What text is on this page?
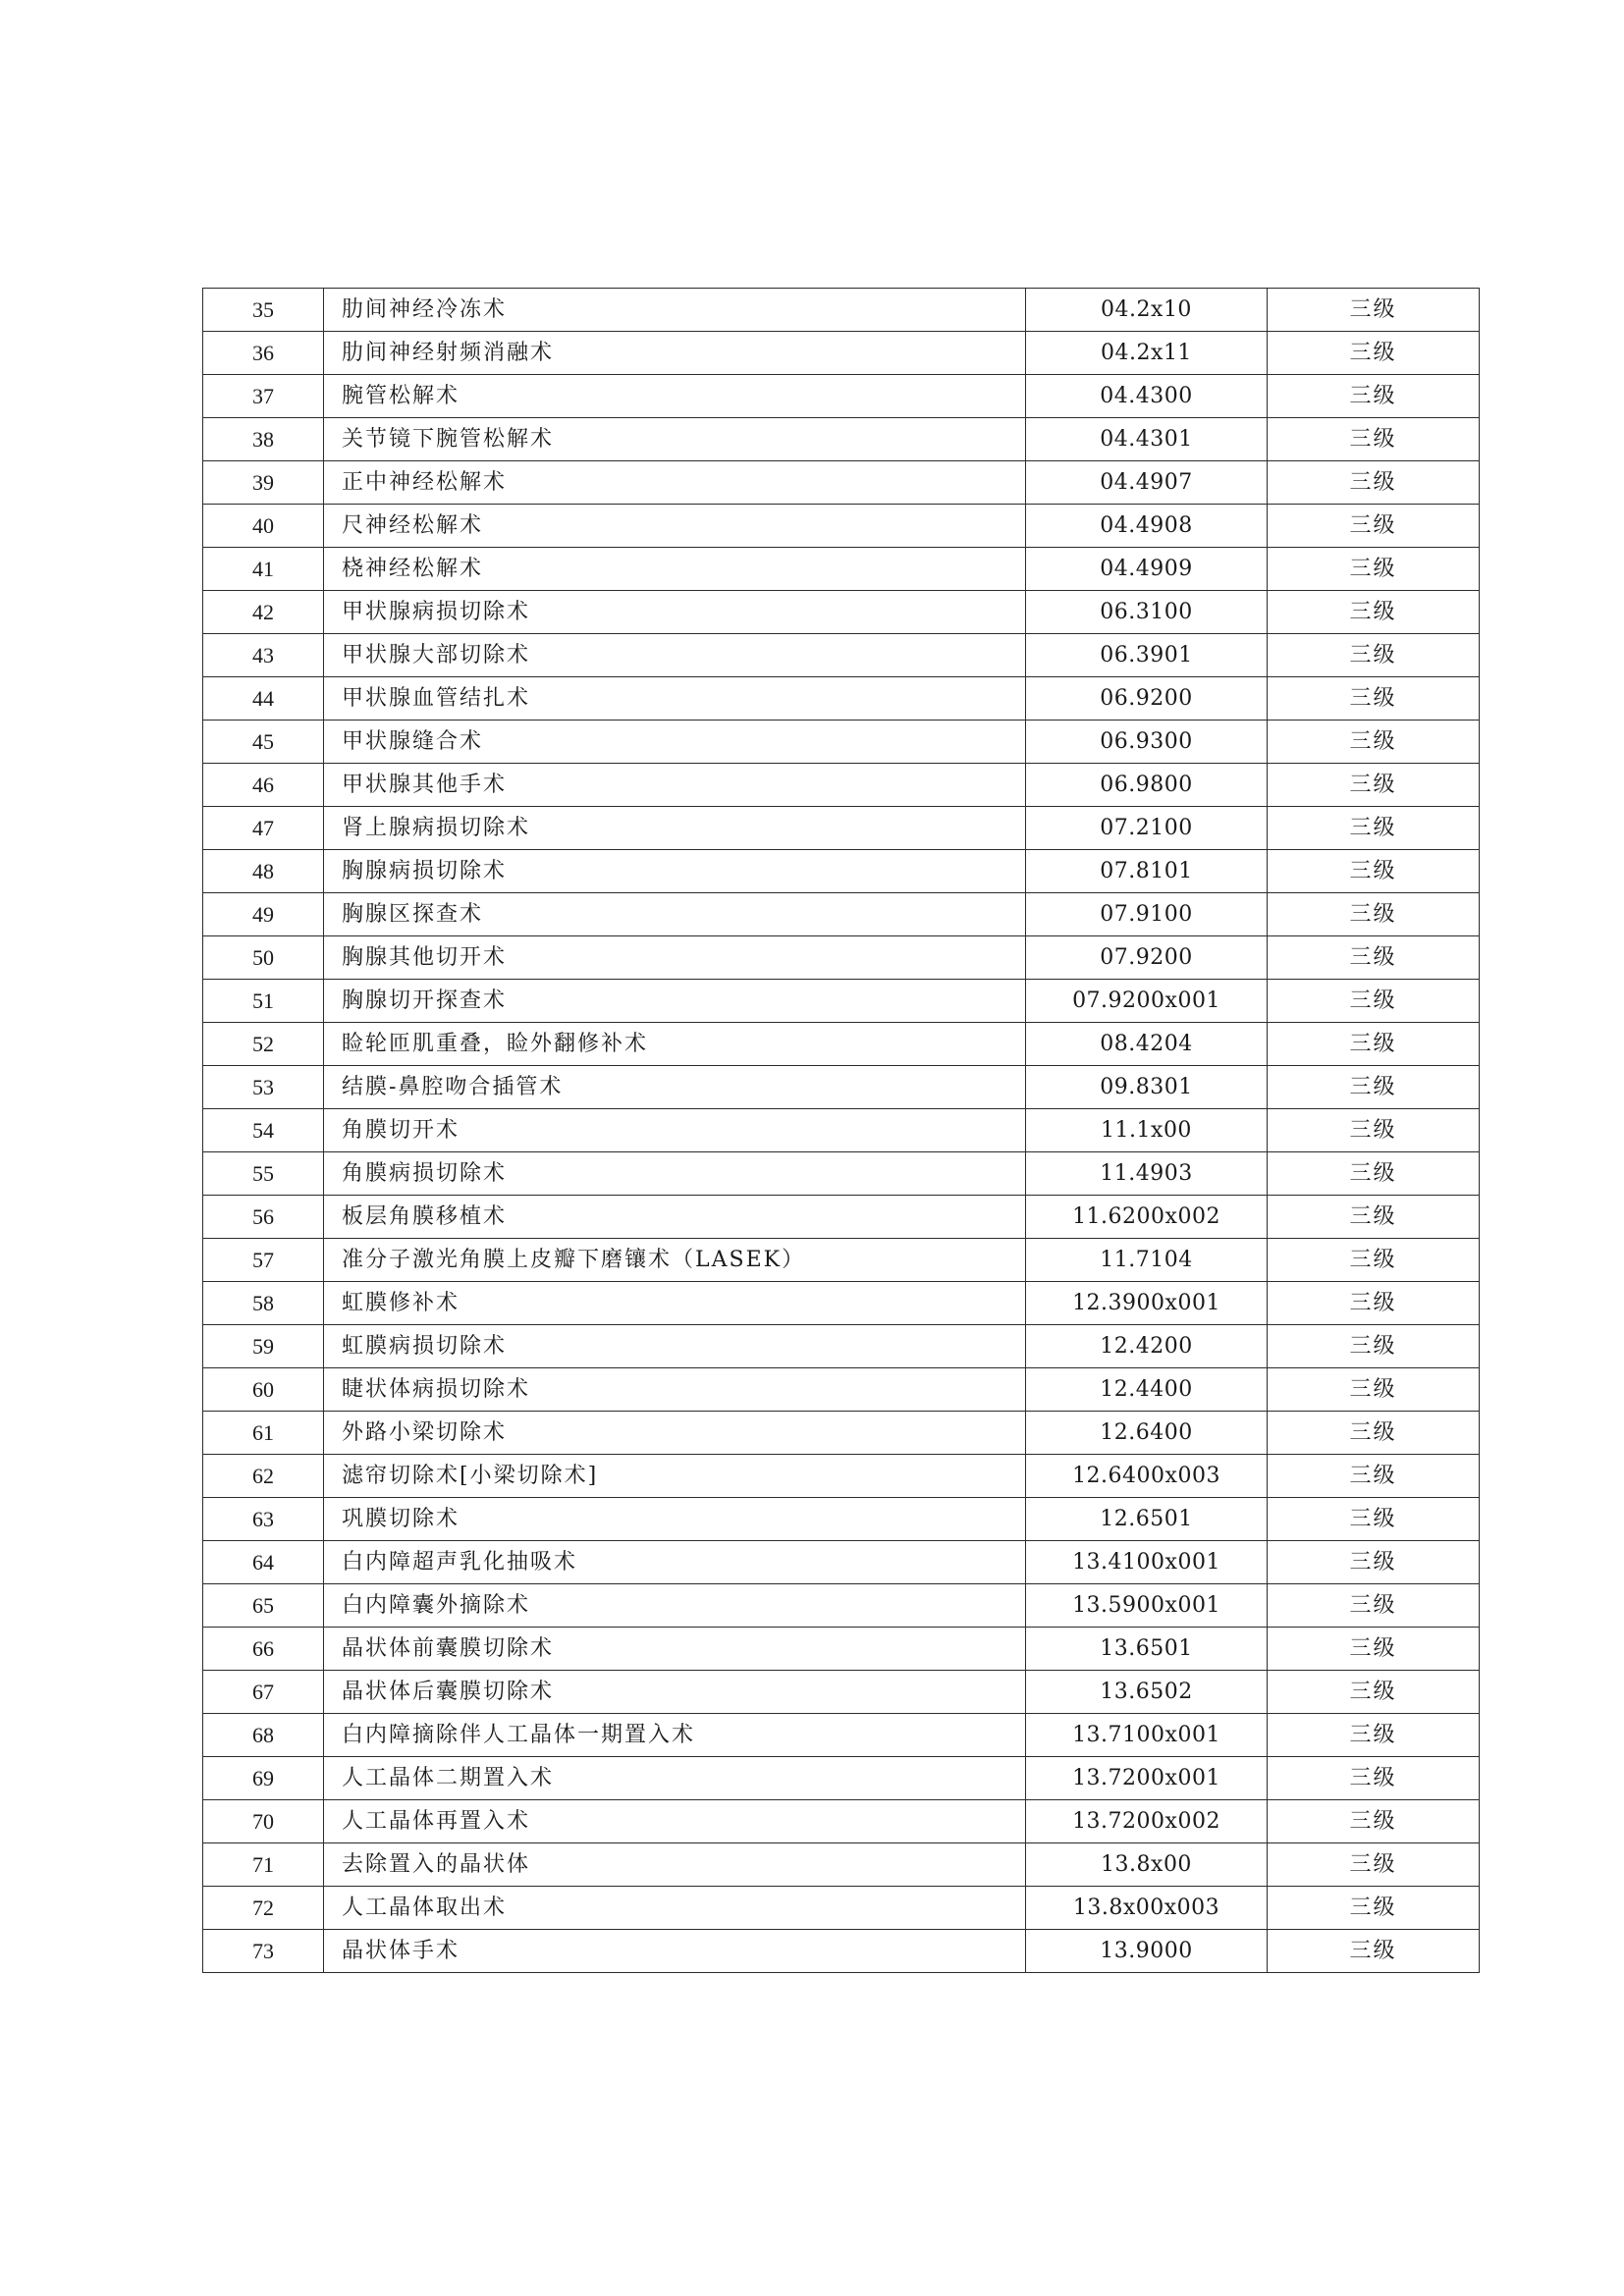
35	肋间神经冷冻术	04.2x10	三级
36	肋间神经射频消融术	04.2x11	三级
37	腕管松解术	04.4300	三级
38	关节镜下腕管松解术	04.4301	三级
39	正中神经松解术	04.4907	三级
40	尺神经松解术	04.4908	三级
41	桡神经松解术	04.4909	三级
42	甲状腺病损切除术	06.3100	三级
43	甲状腺大部切除术	06.3901	三级
44	甲状腺血管结扎术	06.9200	三级
45	甲状腺缝合术	06.9300	三级
46	甲状腺其他手术	06.9800	三级
47	肾上腺病损切除术	07.2100	三级
48	胸腺病损切除术	07.8101	三级
49	胸腺区探查术	07.9100	三级
50	胸腺其他切开术	07.9200	三级
51	胸腺切开探查术	07.9200x001	三级
52	睑轮匝肌重叠，睑外翻修补术	08.4204	三级
53	结膜-鼻腔吻合插管术	09.8301	三级
54	角膜切开术	11.1x00	三级
55	角膜病损切除术	11.4903	三级
56	板层角膜移植术	11.6200x002	三级
57	准分子激光角膜上皮瓣下磨镶术（LASEK）	11.7104	三级
58	虹膜修补术	12.3900x001	三级
59	虹膜病损切除术	12.4200	三级
60	睫状体病损切除术	12.4400	三级
61	外路小梁切除术	12.6400	三级
62	滤帘切除术[小梁切除术]	12.6400x003	三级
63	巩膜切除术	12.6501	三级
64	白内障超声乳化抽吸术	13.4100x001	三级
65	白内障囊外摘除术	13.5900x001	三级
66	晶状体前囊膜切除术	13.6501	三级
67	晶状体后囊膜切除术	13.6502	三级
68	白内障摘除伴人工晶体一期置入术	13.7100x001	三级
69	人工晶体二期置入术	13.7200x001	三级
70	人工晶体再置入术	13.7200x002	三级
71	去除置入的晶状体	13.8x00	三级
72	人工晶体取出术	13.8x00x003	三级
73	晶状体手术	13.9000	三级
